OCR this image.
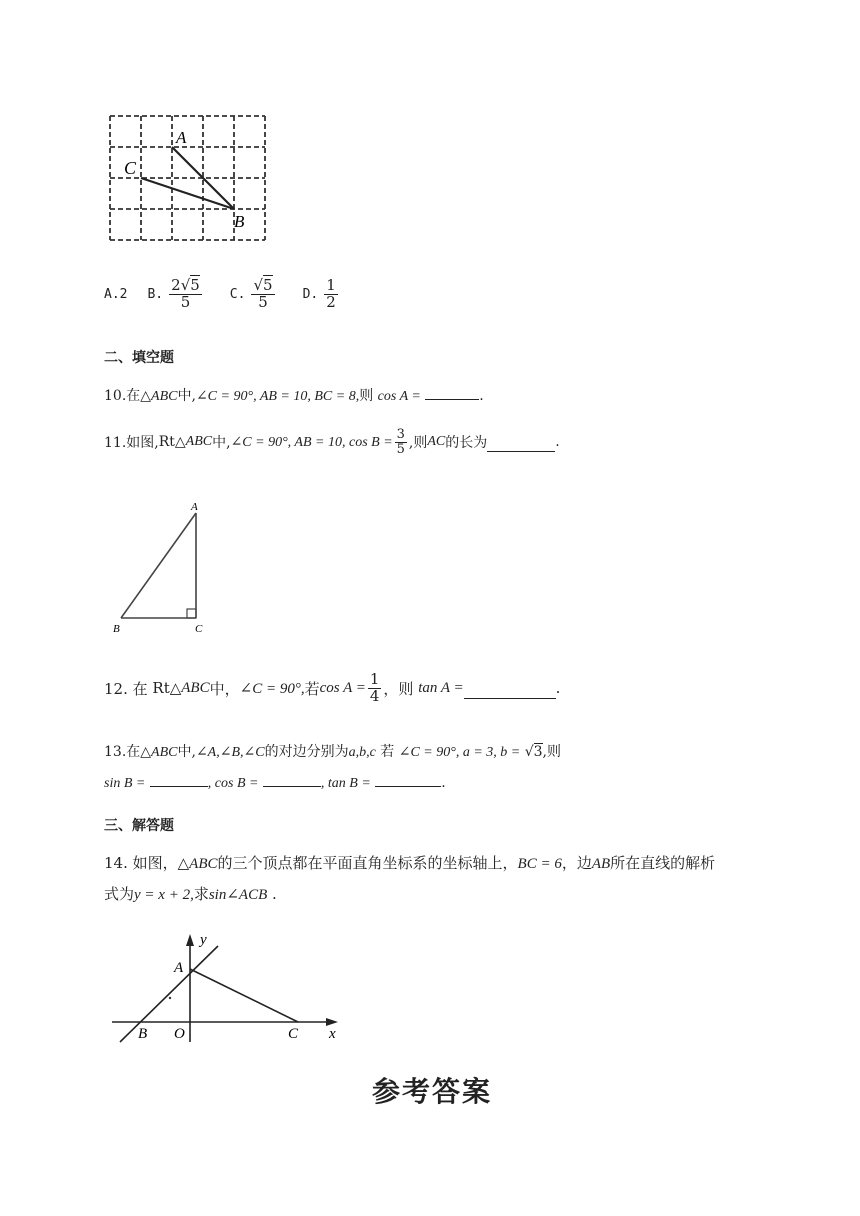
A
C
B
A.2 B. $\frac{2√5}{5} C$. $\frac{√5}{5} D$. $\frac{1}{2}$
二、填空题
10.在△ABC中,∠C = 90°, AB = 10, BC = 8,则 cos A =	.
11.如图, Rt△ ABC 中, ∠C = 90°, AB = 10, $\cos B = \frac{3}{5}$ ,则 AC 的长为	.
A
B	C
12. 在
Rt△ ABC 中， ∠C = 90°, 若 $\cos A = \frac{1}{4}$ ，则
tan A =	.
13.在△ABC中,∠A,∠B,∠C的对边分别为a,b,c 若 ∠C = 90°, a = 3, b = √3,则
sin B =	, cos B =	, tan B =	.
三、解答题
14. 如图，△ABC的三个顶点都在平面直角坐标系的坐标轴上，BC = 6，边AB所在直线的解析
式为y = x + 2,求sin∠ACB .
y
A
B O	C x
参考答案
